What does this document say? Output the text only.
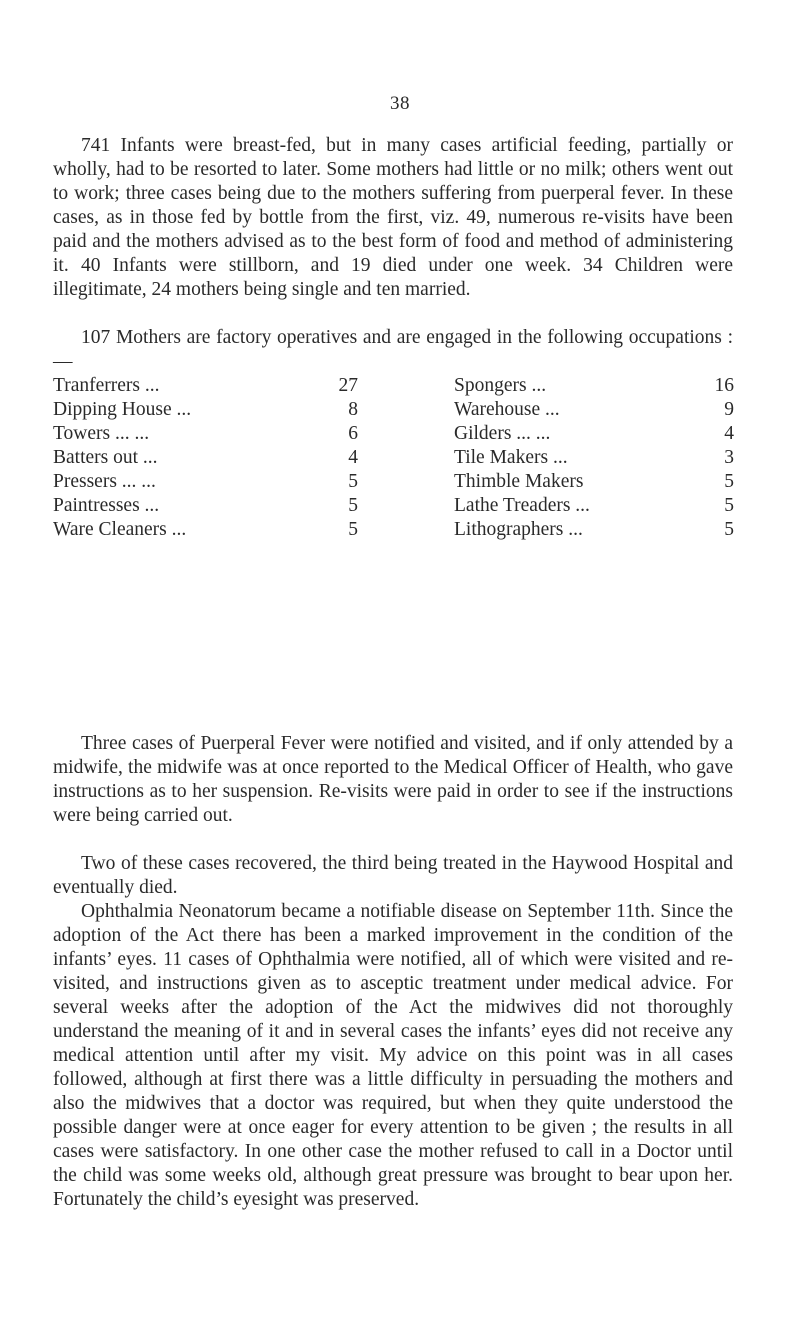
38

741 Infants were breast-fed, but in many cases artificial feeding, partially or wholly, had to be resorted to later. Some mothers had little or no milk; others went out to work; three cases being due to the mothers suffering from puerperal fever. In these cases, as in those fed by bottle from the first, viz. 49, numerous re-visits have been paid and the mothers advised as to the best form of food and method of administering it. 40 Infants were stillborn, and 19 died under one week. 34 Children were illegitimate, 24 mothers being single and ten married.

107 Mothers are factory operatives and are engaged in the following occupations :—

Tranferrers ...	27
Dipping House ...	8
Towers ... ...	6
Batters out ...	4
Pressers ... ...	5
Paintresses ...	5
Ware Cleaners ...	5
Spongers ...	16
Warehouse ...	9
Gilders ... ...	4
Tile Makers ...	3
Thimble Makers	5
Lathe Treaders ...	5
Lithographers ...	5

Three cases of Puerperal Fever were notified and visited, and if only attended by a midwife, the midwife was at once reported to the Medical Officer of Health, who gave instructions as to her suspension. Re-visits were paid in order to see if the instructions were being carried out.

Two of these cases recovered, the third being treated in the Haywood Hospital and eventually died.

Ophthalmia Neonatorum became a notifiable disease on September 11th. Since the adoption of the Act there has been a marked improvement in the condition of the infants’ eyes. 11 cases of Ophthalmia were notified, all of which were visited and re-visited, and instructions given as to asceptic treatment under medical advice. For several weeks after the adoption of the Act the midwives did not thoroughly understand the meaning of it and in several cases the infants’ eyes did not receive any medical attention until after my visit. My advice on this point was in all cases followed, although at first there was a little difficulty in persuading the mothers and also the midwives that a doctor was required, but when they quite understood the possible danger were at once eager for every attention to be given ; the results in all cases were satisfactory. In one other case the mother refused to call in a Doctor until the child was some weeks old, although great pressure was brought to bear upon her. Fortunately the child’s eyesight was preserved.
